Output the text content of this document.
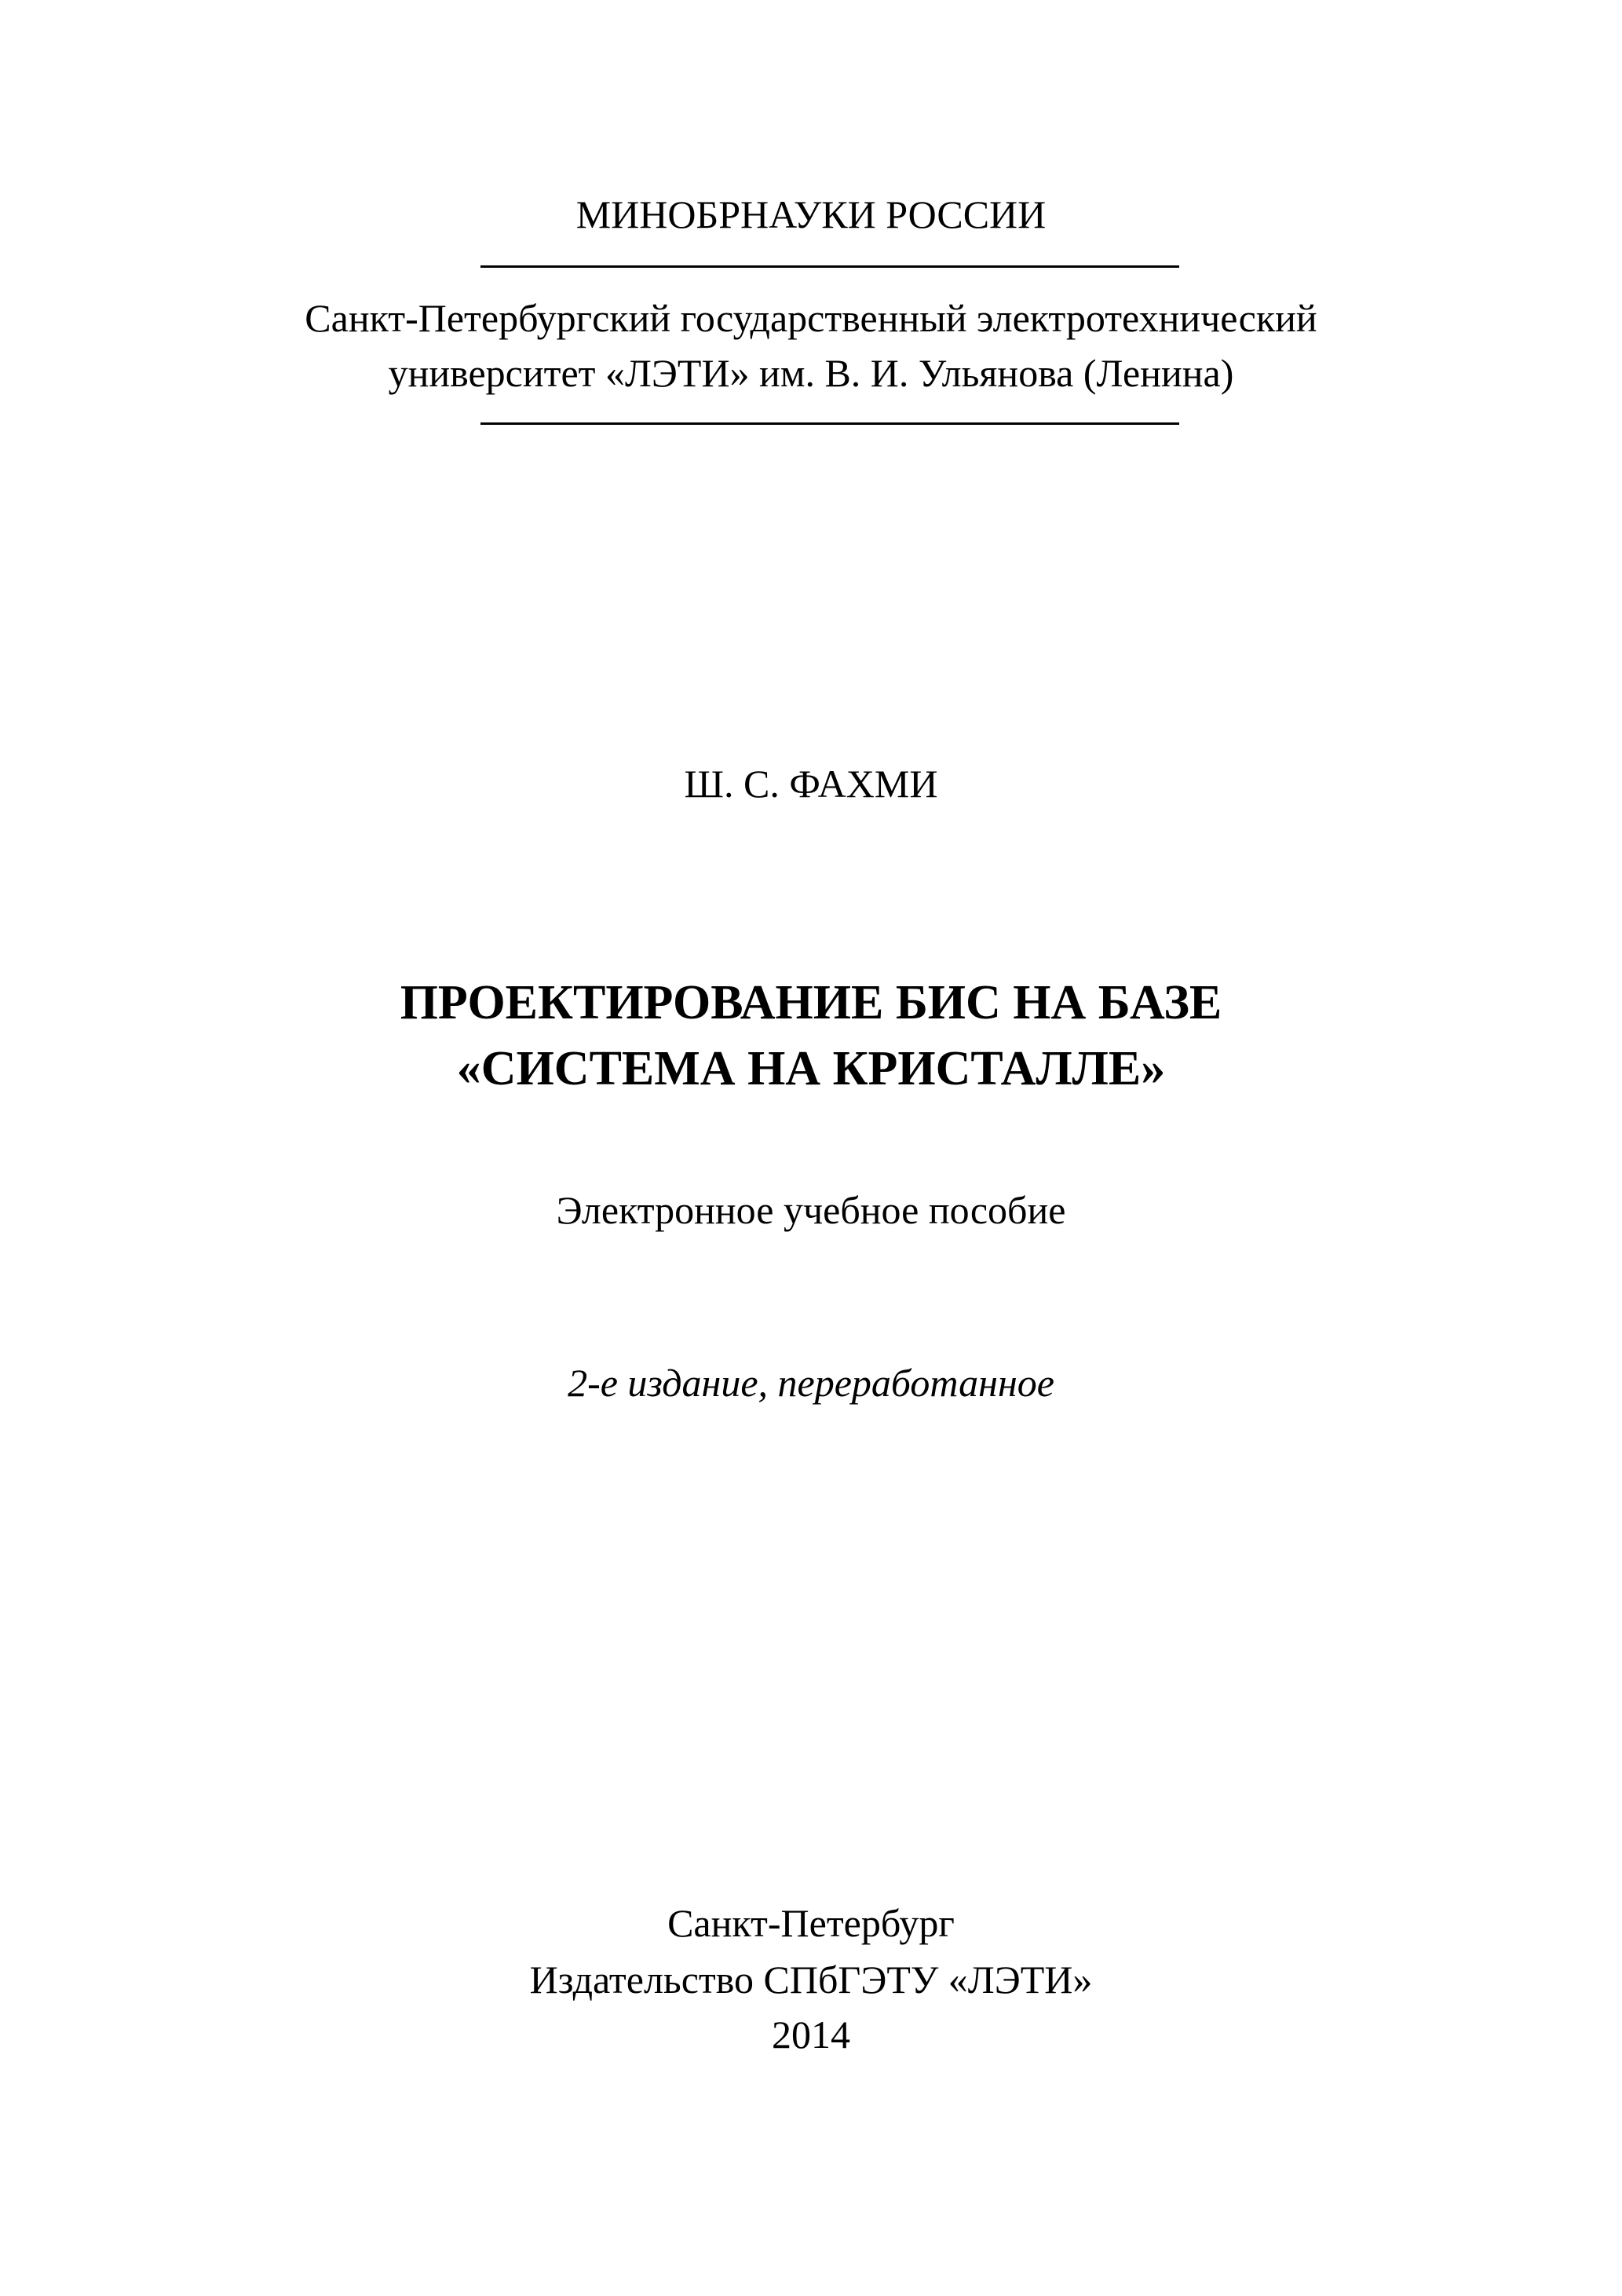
МИНОБРНАУКИ РОССИИ
Санкт-Петербургский государственный электротехнический
университет «ЛЭТИ» им. В. И. Ульянова (Ленина)
Ш. С. ФАХМИ
ПРОЕКТИРОВАНИЕ БИС НА БАЗЕ
«СИСТЕМА НА КРИСТАЛЛЕ»
Электронное учебное пособие
2-е издание, переработанное
Санкт-Петербург
Издательство СПбГЭТУ «ЛЭТИ»
2014
